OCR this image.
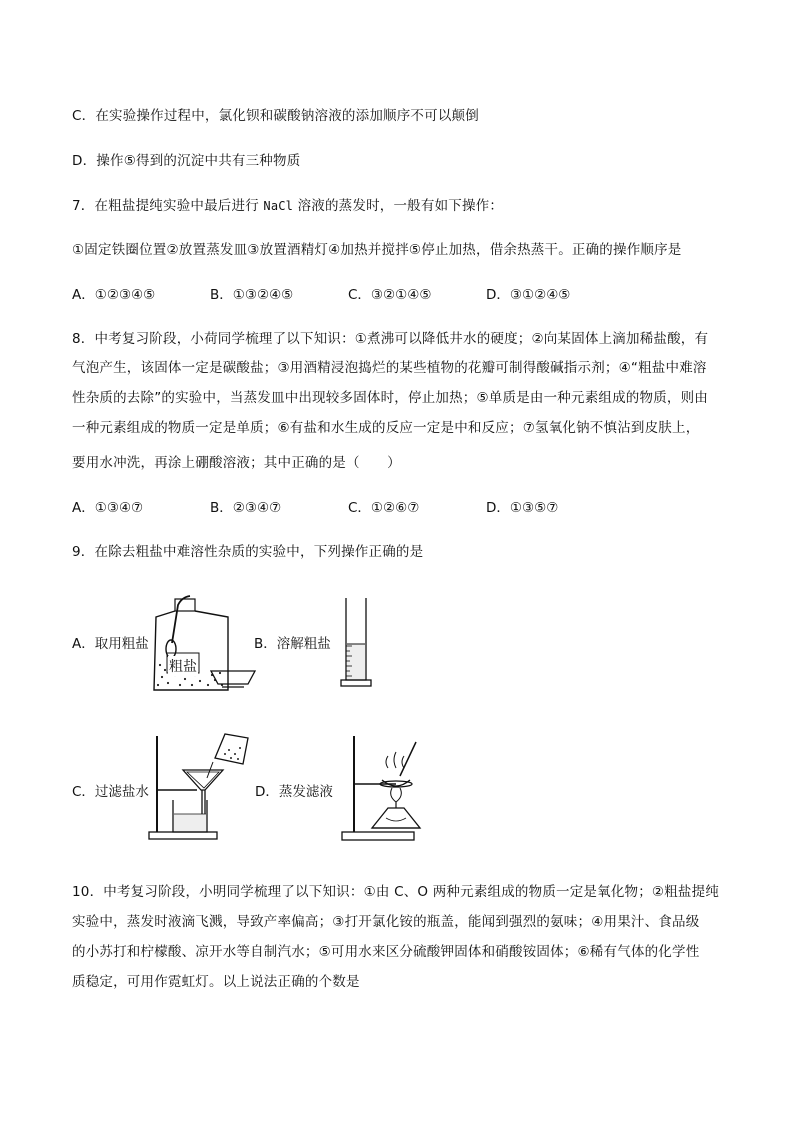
C．在实验操作过程中，氯化钡和碳酸钠溶液的添加顺序不可以颠倒
D．操作⑤得到的沉淀中共有三种物质
7．在粗盐提纯实验中最后进行 NaCl 溶液的蒸发时，一般有如下操作：
①固定铁圈位置②放置蒸发皿③放置酒精灯④加热并搅拌⑤停止加热，借余热蒸干。正确的操作顺序是
A．①②③④⑤	B．①③②④⑤	C．③②①④⑤	D．③①②④⑤
8．中考复习阶段，小荷同学梳理了以下知识：①煮沸可以降低井水的硬度；②向某固体上滴加稀盐酸，有
气泡产生，该固体一定是碳酸盐；③用酒精浸泡捣烂的某些植物的花瓣可制得酸碱指示剂；④“粗盐中难溶
性杂质的去除”的实验中，当蒸发皿中出现较多固体时，停止加热；⑤单质是由一种元素组成的物质，则由
一种元素组成的物质一定是单质；⑥有盐和水生成的反应一定是中和反应；⑦氢氧化钠不慎沾到皮肤上，
要用水冲洗，再涂上硼酸溶液；其中正确的是（　　）
A．①③④⑦	B．②③④⑦	C．①②⑥⑦	D．①③⑤⑦
9．在除去粗盐中难溶性杂质的实验中，下列操作正确的是
A．取用粗盐
粗盐
B．溶解粗盐
C．过滤盐水	D．蒸发滤液
10．中考复习阶段，小明同学梳理了以下知识：①由 C、O 两种元素组成的物质一定是氧化物；②粗盐提纯
实验中，蒸发时液滴飞溅，导致产率偏高；③打开氯化铵的瓶盖，能闻到强烈的氨味；④用果汁、食品级
的小苏打和柠檬酸、凉开水等自制汽水；⑤可用水来区分硫酸钾固体和硝酸铵固体；⑥稀有气体的化学性
质稳定，可用作霓虹灯。以上说法正确的个数是
